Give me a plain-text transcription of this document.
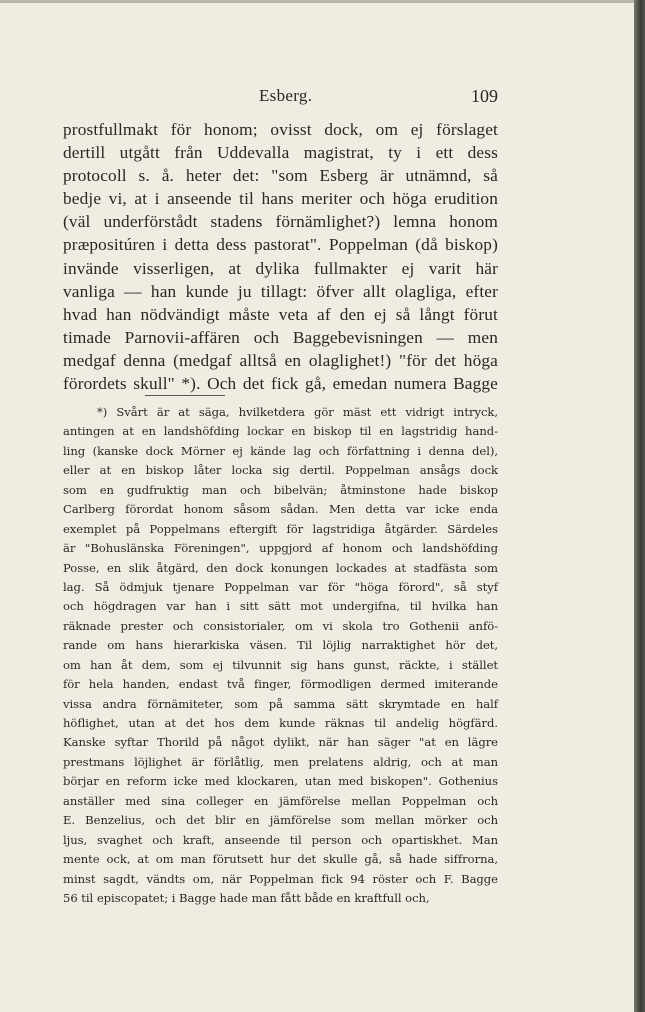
Esberg.	109
prostfullmakt för honom; ovisst dock, om ej förslaget
dertill utgått från Uddevalla magistrat, ty i ett dess
protocoll s. å. heter det: "som Esberg är utnämnd, så
bedje vi, at i anseende til hans meriter och höga erudition
(väl underförstådt stadens förnämlighet?) lemna honom
præpositúren i detta dess pastorat". Poppelman (då biskop)
invände visserligen, at dylika fullmakter ej varit här
vanliga — han kunde ju tillagt: öfver allt olagliga, efter
hvad han nödvändigt måste veta af den ej så långt förut
timade Parnovii-affären och Baggebevisningen — men
medgaf denna (medgaf alltså en olaglighet!) "för det höga
förordets skull" *). Och det fick gå, emedan numera Bagge
*) Svårt är at säga, hvilketdera gör mäst ett vidrigt intryck,
antingen at en landshöfding lockar en biskop til en lagstridig hand-
ling (kanske dock Mörner ej kände lag och författning i denna del),
eller at en biskop låter locka sig dertil. Poppelman ansågs dock
som en gudfruktig man och bibelvän; åtminstone hade biskop
Carlberg förordat honom såsom sådan. Men detta var icke enda
exemplet på Poppelmans eftergift för lagstridiga åtgärder. Särdeles
är "Bohuslänska Föreningen", uppgjord af honom och landshöfding
Posse, en slik åtgärd, den dock konungen lockades at stadfästa som
lag. Så ödmjuk tjenare Poppelman var för "höga förord", så styf
och högdragen var han i sitt sätt mot undergifna, til hvilka han
räknade prester och consistorialer, om vi skola tro Gothenii anfö-
rande om hans hierarkiska väsen. Til löjlig narraktighet hör det,
om han åt dem, som ej tilvunnit sig hans gunst, räckte, i stället
för hela handen, endast två finger, förmodligen dermed imiterande
vissa andra förnämiteter, som på samma sätt skrymtade en half
höflighet, utan at det hos dem kunde räknas til andelig högfärd.
Kanske syftar Thorild på något dylikt, när han säger "at en lägre
prestmans löjlighet är förlåtlig, men prelatens aldrig, och at man
börjar en reform icke med klockaren, utan med biskopen". Gothenius
anställer med sina colleger en jämförelse mellan Poppelman och
E. Benzelius, och det blir en jämförelse som mellan mörker och
ljus, svaghet och kraft, anseende til person och opartiskhet. Man
mente ock, at om man förutsett hur det skulle gå, så hade siffrorna,
minst sagdt, vändts om, när Poppelman fick 94 röster och F. Bagge
56 til episcopatet; i Bagge hade man fått både en kraftfull och,
